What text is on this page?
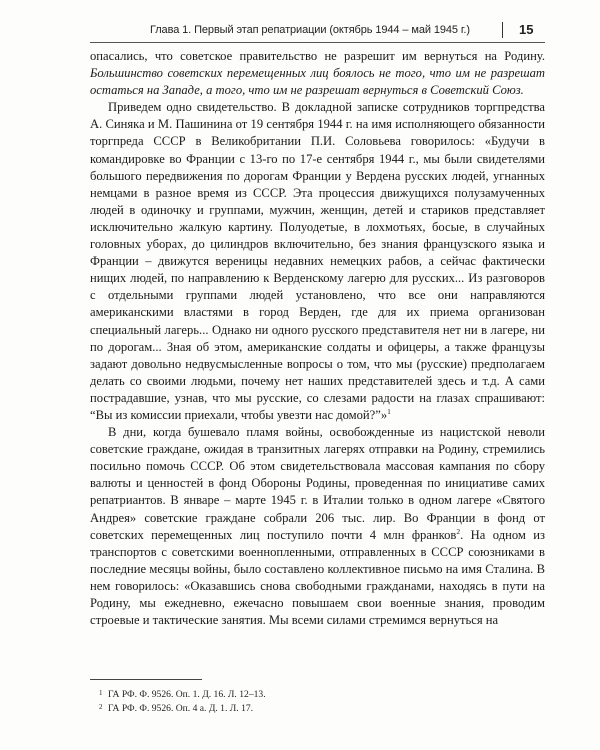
Глава 1. Первый этап репатриации (октябрь 1944 – май 1945 г.)	15

опасались, что советское правительство не разрешит им вернуться на Родину. Большинство советских перемещенных лиц боялось не того, что им не разрешат остаться на Западе, а того, что им не разрешат вернуться в Советский Союз.

Приведем одно свидетельство. В докладной записке сотрудников торгпредства А. Синяка и М. Пашинина от 19 сентября 1944 г. на имя исполняющего обязанности торгпреда СССР в Великобритании П.И. Соловьева говорилось: «Будучи в командировке во Франции с 13-го по 17-е сентября 1944 г., мы были свидетелями большого передвижения по дорогам Франции у Вердена русских людей, угнанных немцами в разное время из СССР. Эта процессия движущихся полузамученных людей в одиночку и группами, мужчин, женщин, детей и стариков представляет исключительно жалкую картину. Полуодетые, в лохмотьях, босые, в случайных головных уборах, до цилиндров включительно, без знания французского языка и Франции – движутся вереницы недавних немецких рабов, а сейчас фактически нищих людей, по направлению к Верденскому лагерю для русских... Из разговоров с отдельными группами людей установлено, что все они направляются американскими властями в город Верден, где для их приема организован специальный лагерь... Однако ни одного русского представителя нет ни в лагере, ни по дорогам... Зная об этом, американские солдаты и офицеры, а также французы задают довольно недвусмысленные вопросы о том, что мы (русские) предполагаем делать со своими людьми, почему нет наших представителей здесь и т.д. А сами пострадавшие, узнав, что мы русские, со слезами радости на глазах спрашивают: “Вы из комиссии приехали, чтобы увезти нас домой?”»$^1$

В дни, когда бушевало пламя войны, освобожденные из нацистской неволи советские граждане, ожидая в транзитных лагерях отправки на Родину, стремились посильно помочь СССР. Об этом свидетельствовала массовая кампания по сбору валюты и ценностей в фонд Обороны Родины, проведенная по инициативе самих репатриантов. В январе – марте 1945 г. в Италии только в одном лагере «Святого Андрея» советские граждане собрали 206 тыс. лир. Во Франции в фонд от советских перемещенных лиц поступило почти 4 млн франков$^2$. На одном из транспортов с советскими военнопленными, отправленных в СССР союзниками в последние месяцы войны, было составлено коллективное письмо на имя Сталина. В нем говорилось: «Оказавшись снова свободными гражданами, находясь в пути на Родину, мы ежедневно, ежечасно повышаем свои военные знания, проводим строевые и тактические занятия. Мы всеми силами стремимся вернуться на

1 ГА РФ. Ф. 9526. Оп. 1. Д. 16. Л. 12–13.
2 ГА РФ. Ф. 9526. Оп. 4 а. Д. 1. Л. 17.
